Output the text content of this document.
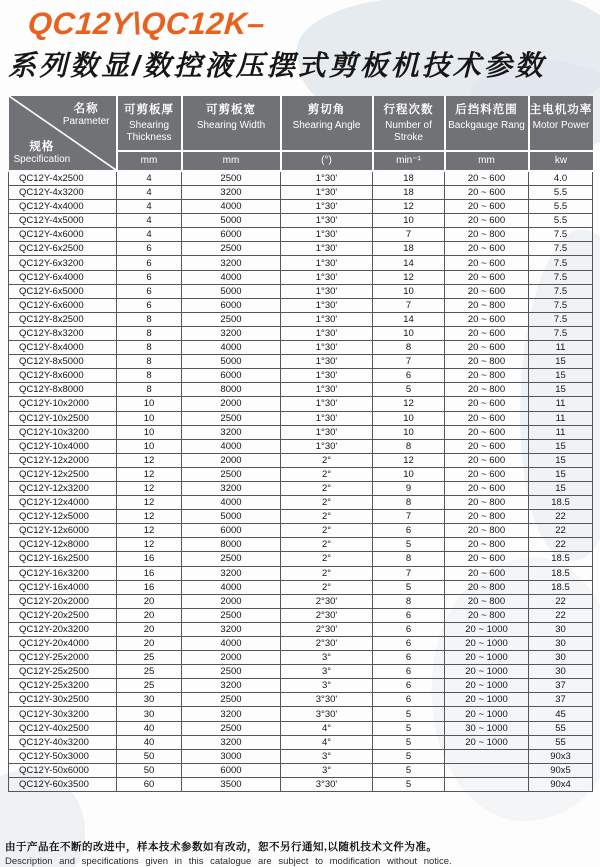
QC12Y\QC12K–
系列数显/数控液压摆式剪板机技术参数
名称
Parameter
规格
Specification

可剪板厚
Shearing Thickness
mm

可剪板宽
Shearing Width
mm

剪切角
Shearing Angle
(°)

行程次数
Number of Stroke
min⁻¹

后挡料范围
Backgauge Rang
mm

主电机功率
Motor Power
kw

QC12Y-4x2500	4	2500	1°30'	18	20 ~ 600	4.0
QC12Y-4x3200	4	3200	1°30'	18	20 ~ 600	5.5
QC12Y-4x4000	4	4000	1°30'	12	20 ~ 600	5.5
QC12Y-4x5000	4	5000	1°30'	10	20 ~ 600	5.5
QC12Y-4x6000	4	6000	1°30'	7	20 ~ 800	7.5
QC12Y-6x2500	6	2500	1°30'	18	20 ~ 600	7.5
QC12Y-6x3200	6	3200	1°30'	14	20 ~ 600	7.5
QC12Y-6x4000	6	4000	1°30'	12	20 ~ 600	7.5
QC12Y-6x5000	6	5000	1°30'	10	20 ~ 600	7.5
QC12Y-6x6000	6	6000	1°30'	7	20 ~ 800	7.5
QC12Y-8x2500	8	2500	1°30'	14	20 ~ 600	7.5
QC12Y-8x3200	8	3200	1°30'	10	20 ~ 600	7.5
QC12Y-8x4000	8	4000	1°30'	8	20 ~ 600	11
QC12Y-8x5000	8	5000	1°30'	7	20 ~ 800	15
QC12Y-8x6000	8	6000	1°30'	6	20 ~ 800	15
QC12Y-8x8000	8	8000	1°30'	5	20 ~ 800	15
QC12Y-10x2000	10	2000	1°30'	12	20 ~ 600	11
QC12Y-10x2500	10	2500	1°30'	10	20 ~ 600	11
QC12Y-10x3200	10	3200	1°30'	10	20 ~ 600	11
QC12Y-10x4000	10	4000	1°30'	8	20 ~ 600	15
QC12Y-12x2000	12	2000	2°	12	20 ~ 600	15
QC12Y-12x2500	12	2500	2°	10	20 ~ 600	15
QC12Y-12x3200	12	3200	2°	9	20 ~ 600	15
QC12Y-12x4000	12	4000	2°	8	20 ~ 800	18.5
QC12Y-12x5000	12	5000	2°	7	20 ~ 800	22
QC12Y-12x6000	12	6000	2°	6	20 ~ 800	22
QC12Y-12x8000	12	8000	2°	5	20 ~ 800	22
QC12Y-16x2500	16	2500	2°	8	20 ~ 600	18.5
QC12Y-16x3200	16	3200	2°	7	20 ~ 600	18.5
QC12Y-16x4000	16	4000	2°	5	20 ~ 800	18.5
QC12Y-20x2000	20	2000	2°30'	8	20 ~ 800	22
QC12Y-20x2500	20	2500	2°30'	6	20 ~ 800	22
QC12Y-20x3200	20	3200	2°30'	6	20 ~ 1000	30
QC12Y-20x4000	20	4000	2°30'	6	20 ~ 1000	30
QC12Y-25x2000	25	2000	3°	6	20 ~ 1000	30
QC12Y-25x2500	25	2500	3°	6	20 ~ 1000	30
QC12Y-25x3200	25	3200	3°	6	20 ~ 1000	37
QC12Y-30x2500	30	2500	3°30'	6	20 ~ 1000	37
QC12Y-30x3200	30	3200	3°30'	5	20 ~ 1000	45
QC12Y-40x2500	40	2500	4°	5	30 ~ 1000	55
QC12Y-40x3200	40	3200	4°	5	20 ~ 1000	55
QC12Y-50x3000	50	3000	3°	5		90x3
QC12Y-50x6000	50	6000	3°	5		90x5
QC12Y-60x3500	60	3500	3°30'	5		90x4
由于产品在不断的改进中，样本技术参数如有改动，恕不另行通知,以随机技术文件为准。
Description and specifications given in this catalogue are subject to modification without notice.
